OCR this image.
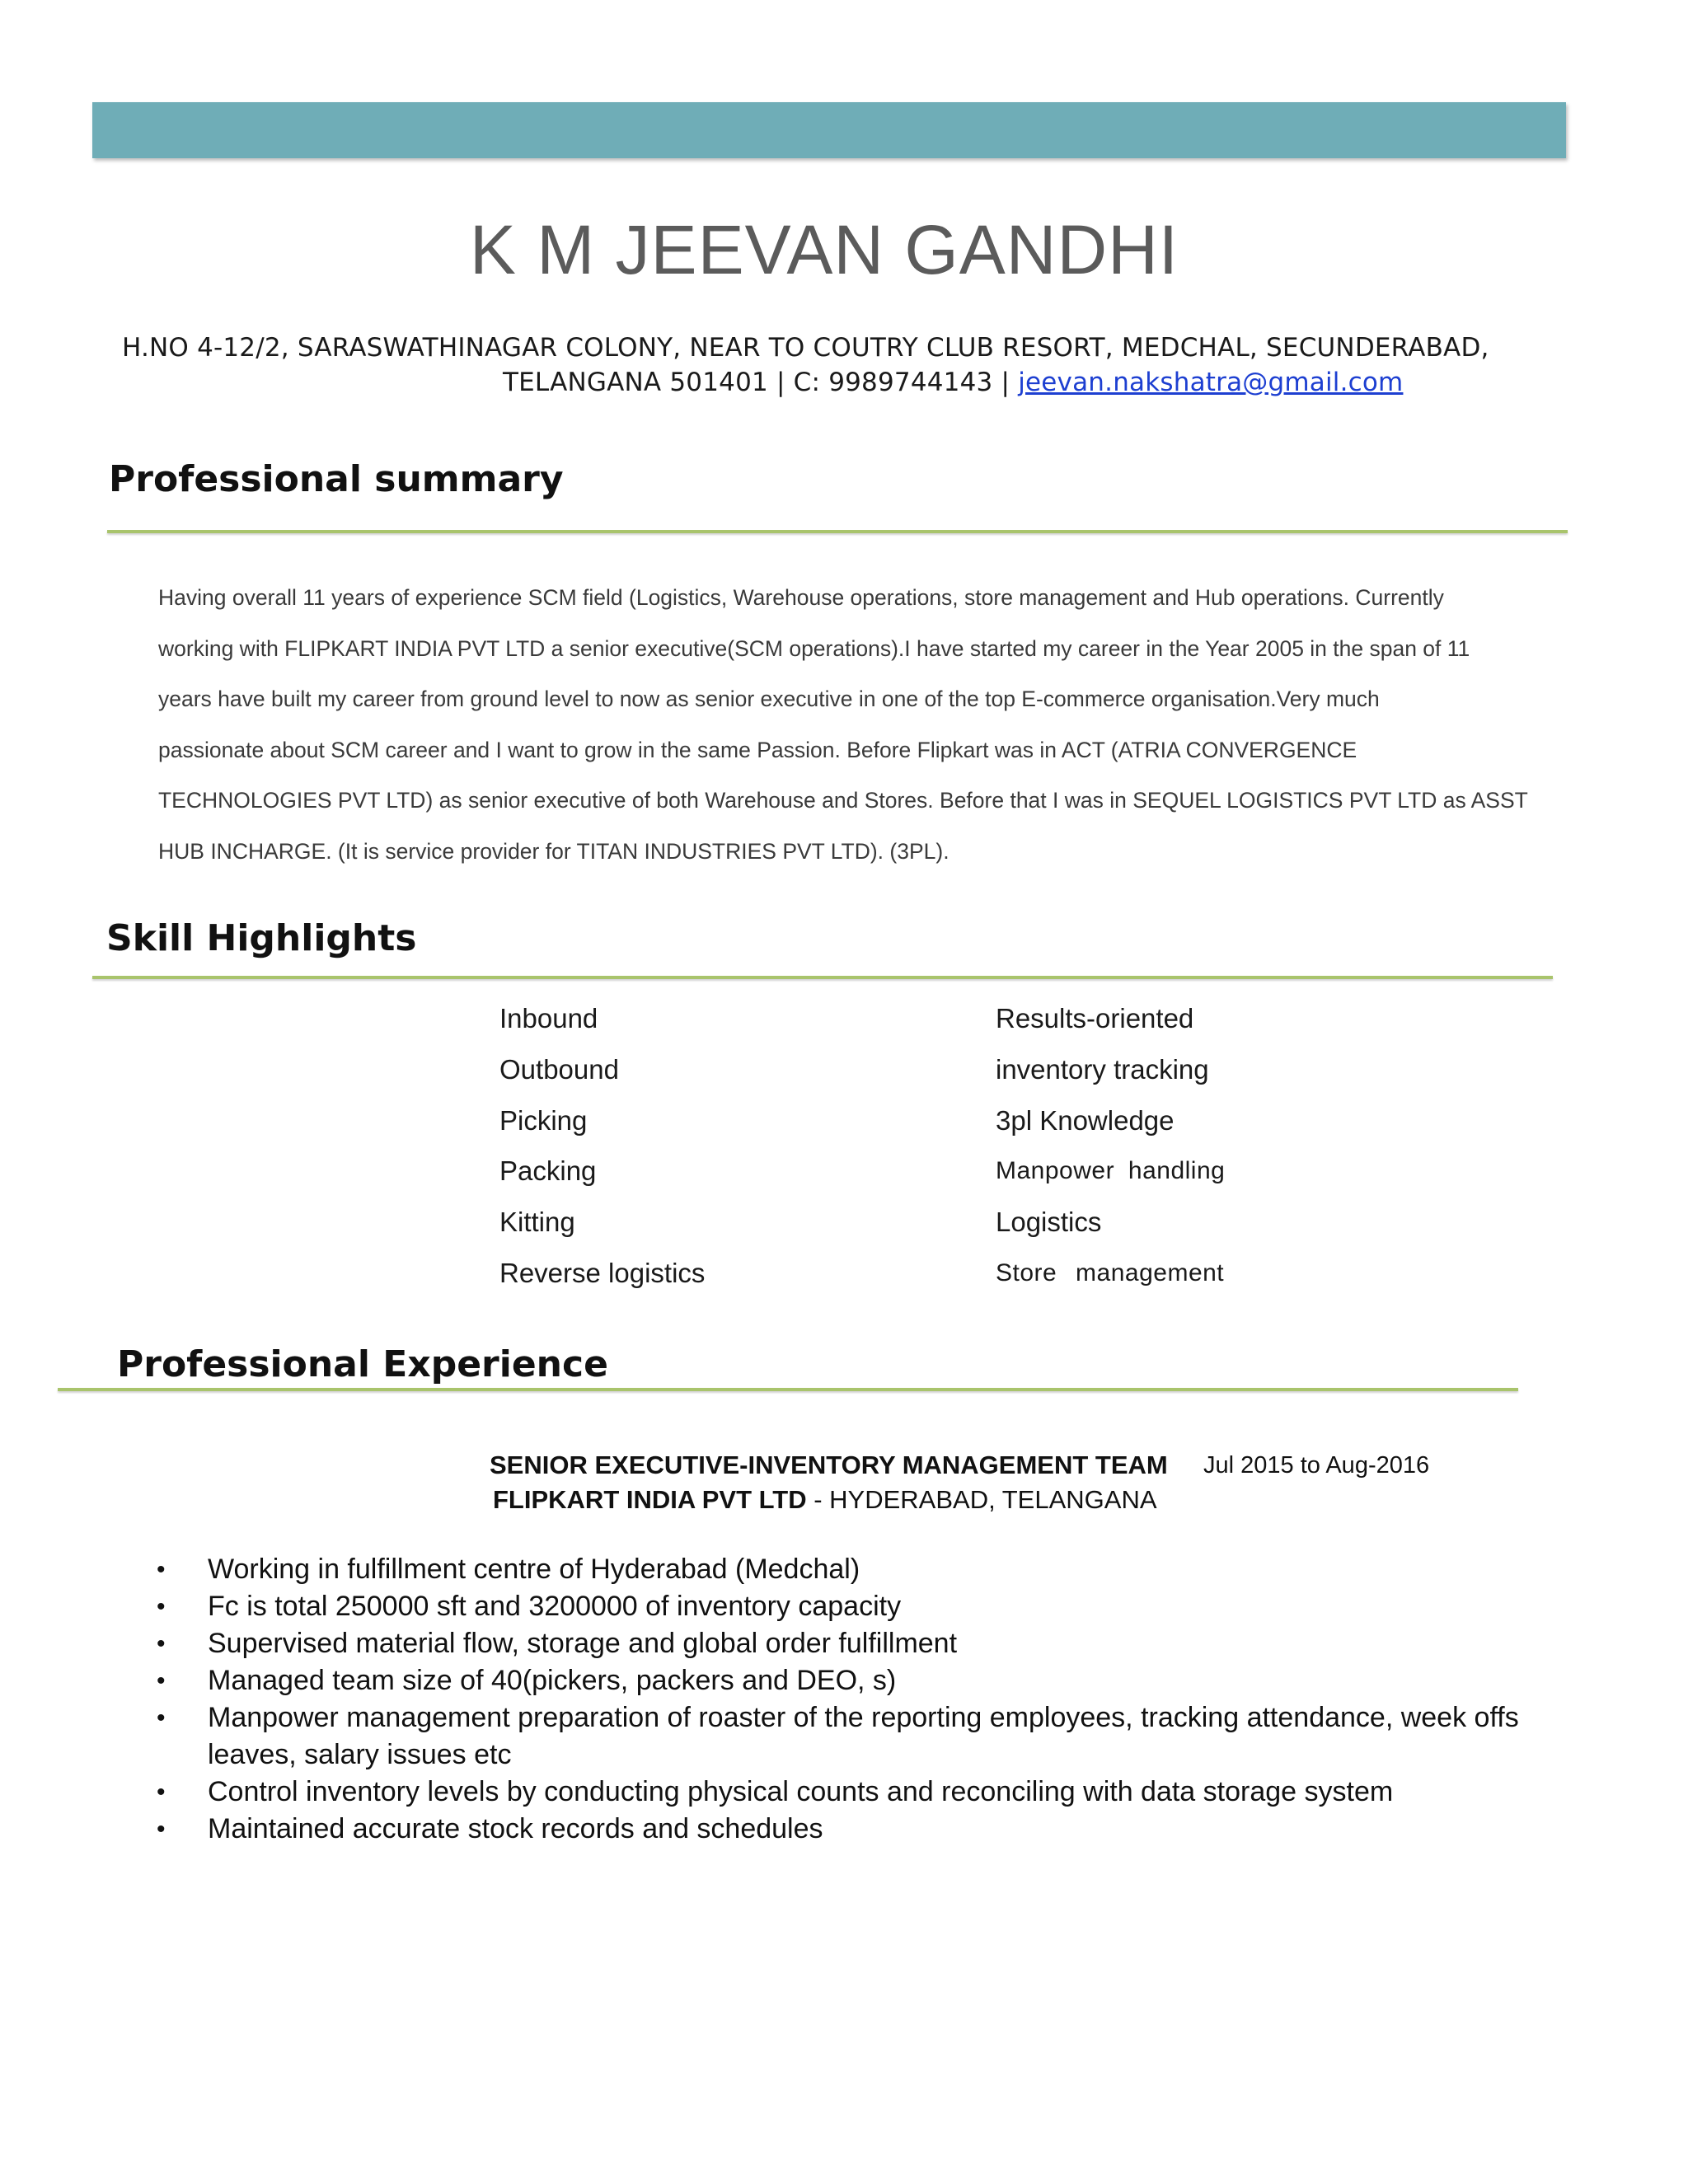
K M JEEVAN GANDHI
H.NO 4-12/2, SARASWATHINAGAR COLONY, NEAR TO COUTRY CLUB RESORT, MEDCHAL, SECUNDERABAD,
TELANGANA 501401 | C: 9989744143 | jeevan.nakshatra@gmail.com
Professional summary
Having overall 11 years of experience SCM field (Logistics, Warehouse operations, store management and Hub operations. Currently
working with FLIPKART INDIA PVT LTD a senior executive(SCM operations).I have started my career in the Year 2005 in the span of 11
years have built my career from ground level to now as senior executive in one of the top E-commerce organisation.Very much
passionate about SCM career and I want to grow in the same Passion. Before Flipkart was in ACT (ATRIA CONVERGENCE
TECHNOLOGIES PVT LTD) as senior executive of both Warehouse and Stores. Before that I was in SEQUEL LOGISTICS PVT LTD as ASST
HUB INCHARGE. (It is service provider for TITAN INDUSTRIES PVT LTD). (3PL).
Skill Highlights
Inbound
Outbound
Picking
Packing
Kitting
Reverse logistics
Results-oriented
inventory tracking
3pl Knowledge
Manpower handling
Logistics
Store management
Professional Experience
SENIOR EXECUTIVE-INVENTORY MANAGEMENT TEAM Jul 2015 to Aug-2016
FLIPKART INDIA PVT LTD - HYDERABAD, TELANGANA
• Working in fulfillment centre of Hyderabad (Medchal)
• Fc is total 250000 sft and 3200000 of inventory capacity
• Supervised material flow, storage and global order fulfillment
• Managed team size of 40(pickers, packers and DEO, s)
• Manpower management preparation of roaster of the reporting employees, tracking attendance, week offs leaves, salary issues etc
• Control inventory levels by conducting physical counts and reconciling with data storage system
• Maintained accurate stock records and schedules
